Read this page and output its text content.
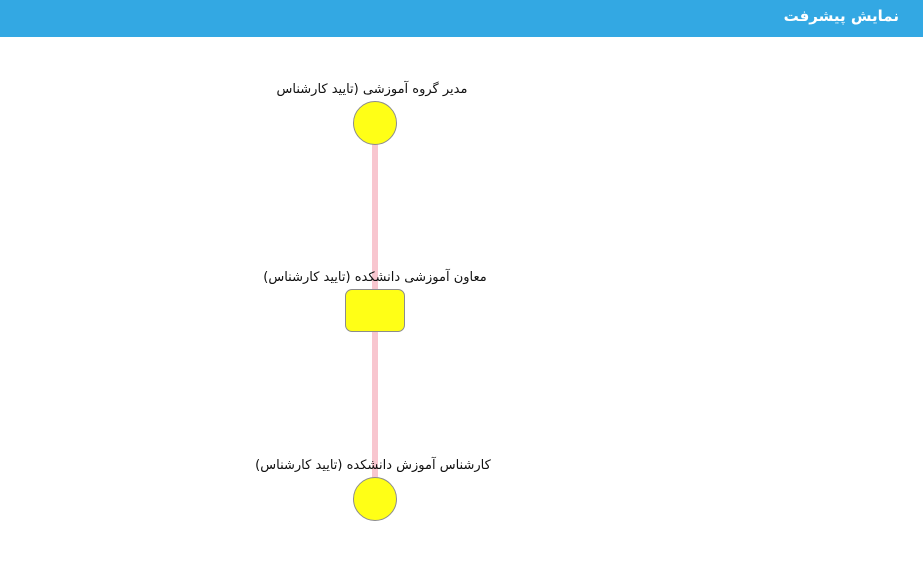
نمایش پیشرفت
مدیر گروه آموزشی (تایید کارشناس
معاون آموزشی دانشکده (تایید کارشناس)
کارشناس آموزش دانشکده (تایید کارشناس)
